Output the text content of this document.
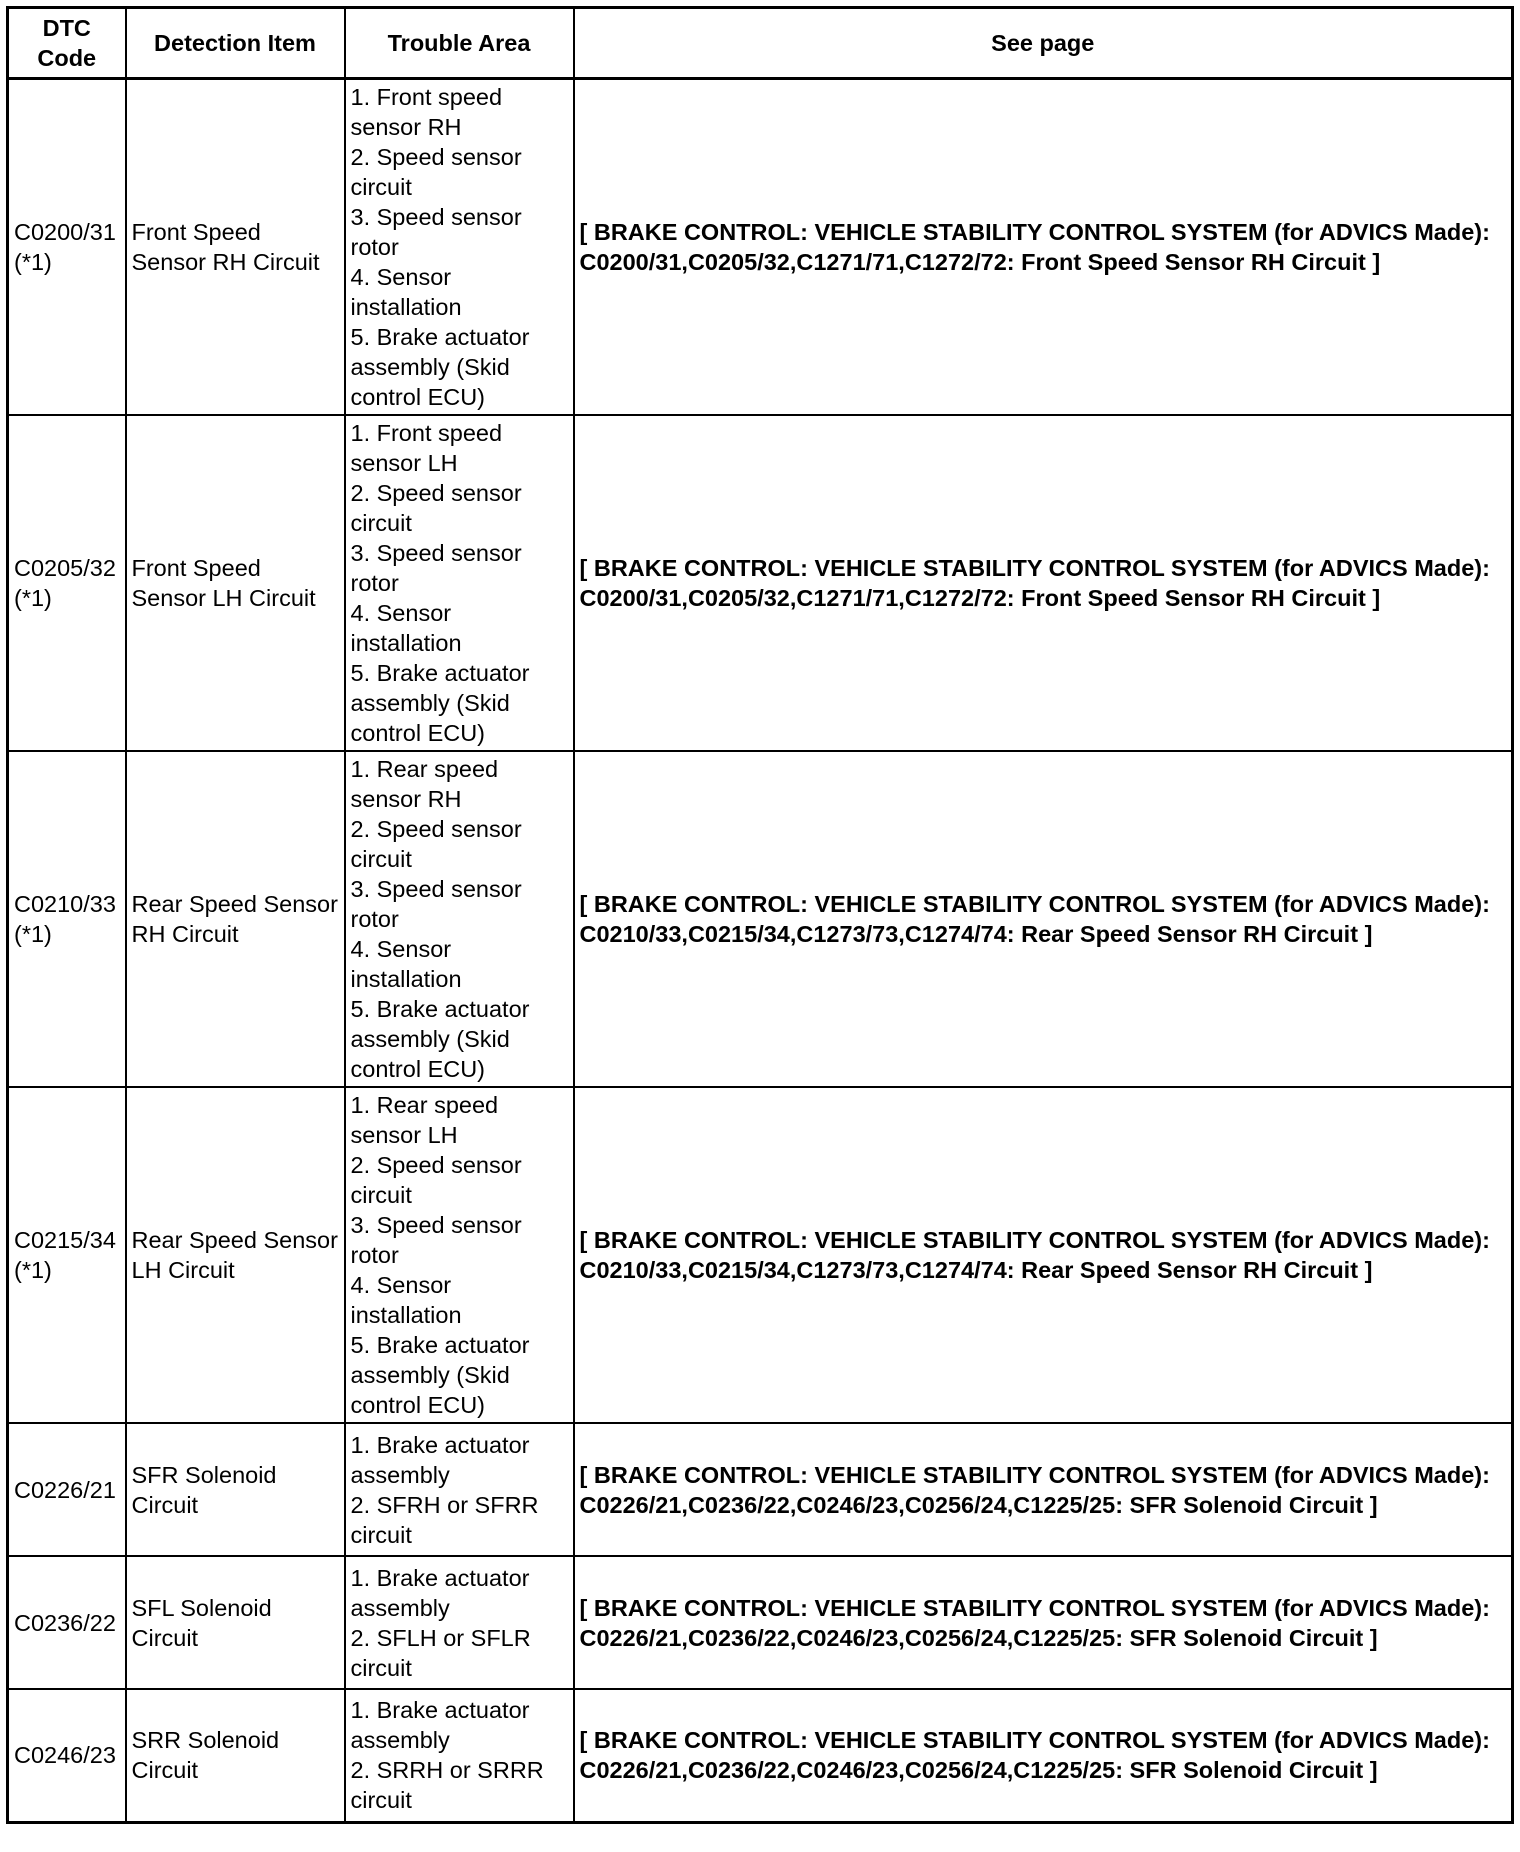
DTC Code	Detection Item	Trouble Area	See page
C0200/31 (*1)	Front Speed Sensor RH Circuit	1. Front speed sensor RH
2. Speed sensor circuit
3. Speed sensor rotor
4. Sensor installation
5. Brake actuator assembly (Skid control ECU)	[ BRAKE CONTROL: VEHICLE STABILITY CONTROL SYSTEM (for ADVICS Made): C0200/31,C0205/32,C1271/71,C1272/72: Front Speed Sensor RH Circuit ]
C0205/32 (*1)	Front Speed Sensor LH Circuit	1. Front speed sensor LH
2. Speed sensor circuit
3. Speed sensor rotor
4. Sensor installation
5. Brake actuator assembly (Skid control ECU)	[ BRAKE CONTROL: VEHICLE STABILITY CONTROL SYSTEM (for ADVICS Made): C0200/31,C0205/32,C1271/71,C1272/72: Front Speed Sensor RH Circuit ]
C0210/33 (*1)	Rear Speed Sensor RH Circuit	1. Rear speed sensor RH
2. Speed sensor circuit
3. Speed sensor rotor
4. Sensor installation
5. Brake actuator assembly (Skid control ECU)	[ BRAKE CONTROL: VEHICLE STABILITY CONTROL SYSTEM (for ADVICS Made): C0210/33,C0215/34,C1273/73,C1274/74: Rear Speed Sensor RH Circuit ]
C0215/34 (*1)	Rear Speed Sensor LH Circuit	1. Rear speed sensor LH
2. Speed sensor circuit
3. Speed sensor rotor
4. Sensor installation
5. Brake actuator assembly (Skid control ECU)	[ BRAKE CONTROL: VEHICLE STABILITY CONTROL SYSTEM (for ADVICS Made): C0210/33,C0215/34,C1273/73,C1274/74: Rear Speed Sensor RH Circuit ]
C0226/21	SFR Solenoid Circuit	1. Brake actuator assembly
2. SFRH or SFRR circuit	[ BRAKE CONTROL: VEHICLE STABILITY CONTROL SYSTEM (for ADVICS Made): C0226/21,C0236/22,C0246/23,C0256/24,C1225/25: SFR Solenoid Circuit ]
C0236/22	SFL Solenoid Circuit	1. Brake actuator assembly
2. SFLH or SFLR circuit	[ BRAKE CONTROL: VEHICLE STABILITY CONTROL SYSTEM (for ADVICS Made): C0226/21,C0236/22,C0246/23,C0256/24,C1225/25: SFR Solenoid Circuit ]
C0246/23	SRR Solenoid Circuit	1. Brake actuator assembly
2. SRRH or SRRR circuit	[ BRAKE CONTROL: VEHICLE STABILITY CONTROL SYSTEM (for ADVICS Made): C0226/21,C0236/22,C0246/23,C0256/24,C1225/25: SFR Solenoid Circuit ]
